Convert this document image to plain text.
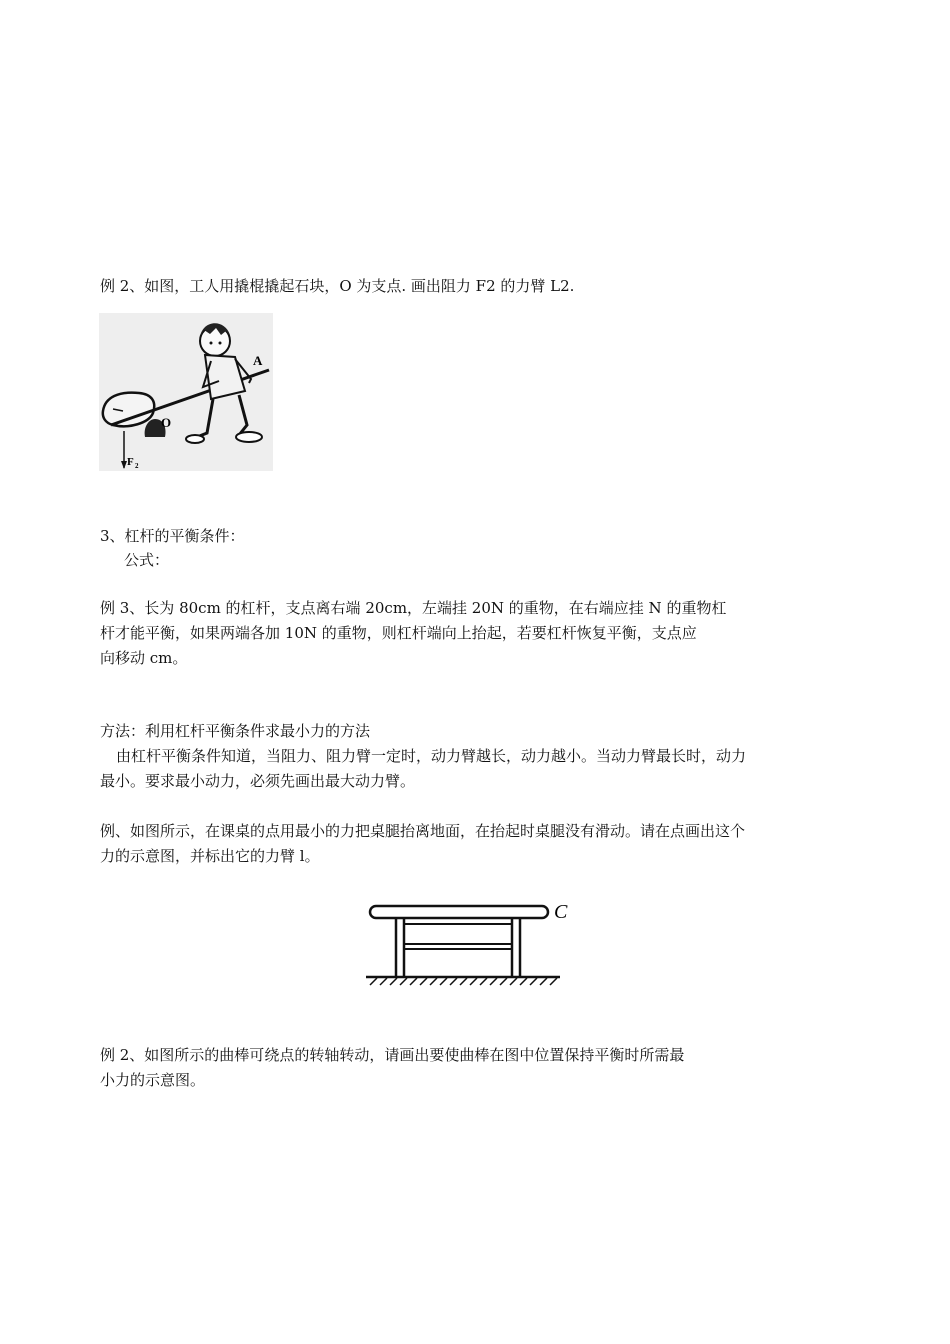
例 2、如图，工人用撬棍撬起石块，O 为支点. 画出阻力 F2 的力臂 L2.
A
O
F 2
3、杠杆的平衡条件：
公式：
例 3、长为 80cm 的杠杆，支点离右端 20cm，左端挂 20N 的重物，在右端应挂 N 的重物杠
杆才能平衡，如果两端各加 10N 的重物，则杠杆端向上抬起，若要杠杆恢复平衡，支点应
向移动 cm。
方法：利用杠杆平衡条件求最小力的方法
由杠杆平衡条件知道，当阻力、阻力臂一定时，动力臂越长，动力越小。当动力臂最长时，动力
最小。要求最小动力，必须先画出最大动力臂。
例、如图所示，在课桌的点用最小的力把桌腿抬离地面，在抬起时桌腿没有滑动。请在点画出这个
力的示意图，并标出它的力臂 l。
C
例 2、如图所示的曲棒可绕点的转轴转动，请画出要使曲棒在图中位置保持平衡时所需最
小力的示意图。
